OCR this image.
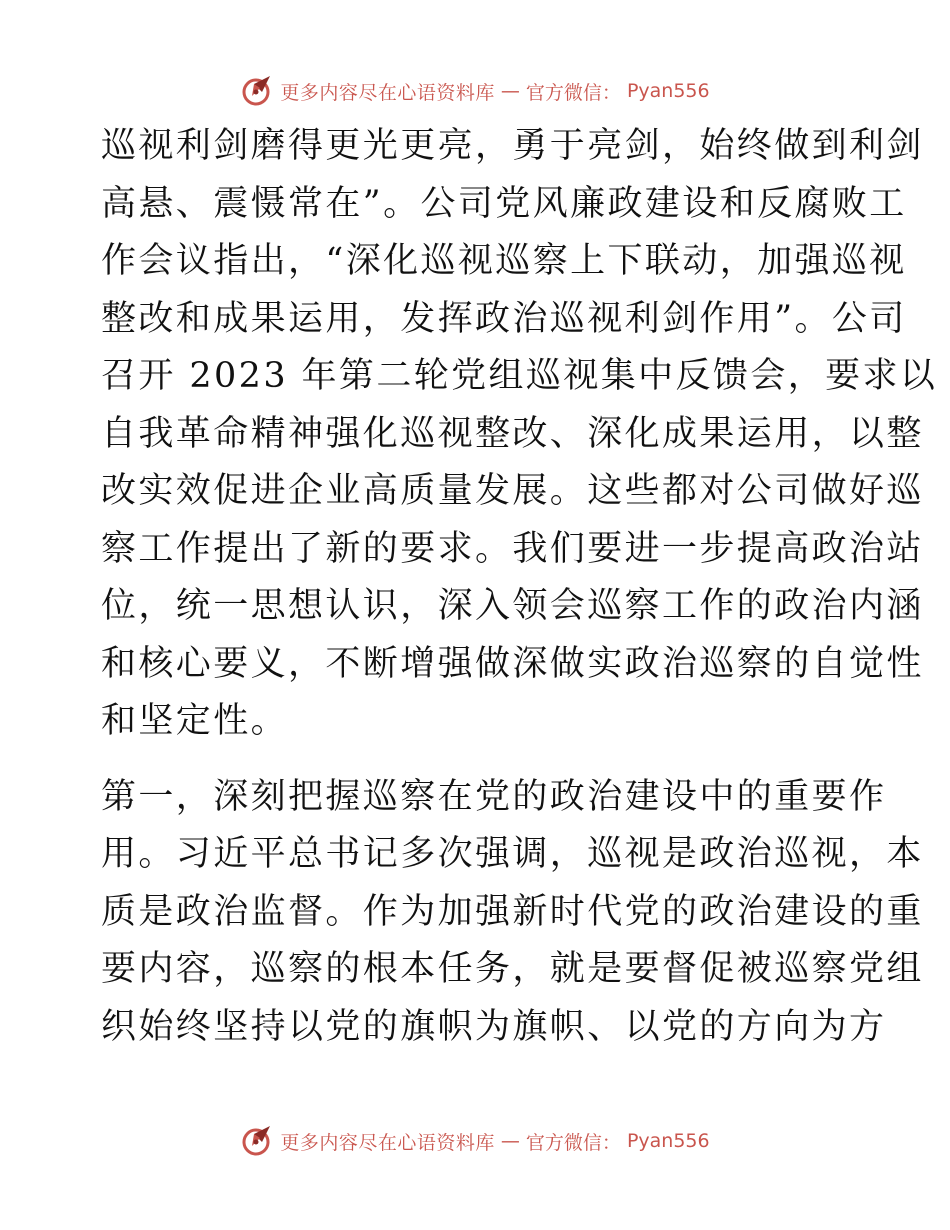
更多内容尽在心语资料库 — 官方微信： Pyan556

巡视利剑磨得更光更亮，勇于亮剑，始终做到利剑
高悬、震慑常在”。公司党风廉政建设和反腐败工
作会议指出，“深化巡视巡察上下联动，加强巡视
整改和成果运用，发挥政治巡视利剑作用”。公司
召开 2023 年第二轮党组巡视集中反馈会，要求以
自我革命精神强化巡视整改、深化成果运用，以整
改实效促进企业高质量发展。这些都对公司做好巡
察工作提出了新的要求。我们要进一步提高政治站
位，统一思想认识，深入领会巡察工作的政治内涵
和核心要义，不断增强做深做实政治巡察的自觉性
和坚定性。

第一，深刻把握巡察在党的政治建设中的重要作
用。习近平总书记多次强调，巡视是政治巡视，本
质是政治监督。作为加强新时代党的政治建设的重
要内容，巡察的根本任务，就是要督促被巡察党组
织始终坚持以党的旗帜为旗帜、以党的方向为方

更多内容尽在心语资料库 — 官方微信： Pyan556
